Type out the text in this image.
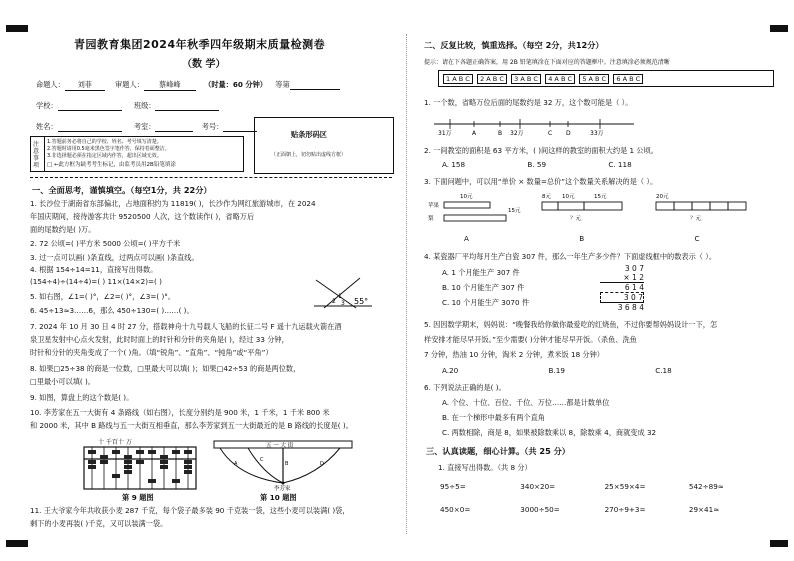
青园教育集团2024年秋季四年级期末质量检测卷
（数 学）
命题人： 刘菲	审题人： 蔡峰峰	（时量：60 分钟） 等第
学校：	班级：
姓名：	考室：	考号：
注意事项
1.答题前务必将自己的学校、姓名、考号填写清楚。
2.答题时请用0.5毫米黑色签字笔作答，保持卷面整洁。
3.非选择题必须在指定区域内作答，超出区域无效。
□ ←此方框为缺考考生标记，由监考员用2B铅笔填涂
贴条形码区
（正面朝上，切勿贴出虚线方框）
一、全面思考，谨慎填空。（每空1分，共 22分）
1. 长沙位于湖南省东部偏北，占地面积约为 11819( )，长沙作为网红旅游城市，在 2024
年国庆期间，接待游客共计 9520500 人次，这个数读作( )，省略万后
面的尾数约是( )万。
2. 72 公顷=( )平方米 5000 公顷=( )平方千米
3. 过一点可以画( )条直线，过两点可以画( )条直线。
4. 根据 154÷14=11，直接写出得数。
(154÷4)÷(14÷4)=( ) 11×(14×2)=( )
5. 如右图，∠1=( )°，∠2=( )°，∠3=( )°。
2
1
3 55°
6. 45÷13≈3……6，那么 450÷130=( )……( )。
7. 2024 年 10 月 30 日 4 时 27 分，搭载神舟十九号载人飞船的长征二号 F 遥十九运载火箭在酒
泉卫星发射中心点火发射，此时时面上的时针和分针的夹角是( )，经过 33 分钟，
时针和分针的夹角变成了一个( )角。（填“锐角”、“直角”、“钝角”或“平角”）
8. 如果□25÷38 的商是一位数，□里最大可以填( )；如果□42÷53 的商是两位数，
□里最小可以填( )。
9. 如图，算盘上的这个数是( )。
10. 李芳家在五一大街有 4 条路线（如右图），长度分别约是 900 米，1 千米，1 千米 800 米
和 2000 米，其中 B 路线与五一大街互相垂直，那么李芳家到五一大街最近的是 B 路线的长度是( )。
十 千百十 万	五 一 大 街
A	B
C
D
李芳家
第 9 题图	第 10 题图
11. 王大爷家今年共收获小麦 287 千克，每个袋子最多装 90 千克装一袋，这些小麦可以装满( )袋，
剩下的小麦再装( )千克，又可以装满一袋。
二、反复比较，慎重选择。（每空 2分，共12分）
提示：请在下各题正确答案，用 2B 铅笔填涂在下面对应的答题框中。注意填涂必须规范清晰
1 A B C 2 A B C 3 A B C 4 A B C 5 A B C 6 A B C
1. 一个数，省略万位后面的尾数约是 32 万，这个数可能是（ ）。
31万	A	B 32万	C D	33万
2. 一间教室的面积是 63 平方米，( )间这样的教室的面积大约是 1 公顷。
A. 158	B. 59	C. 118
3. 下面问题中，可以用“单价 × 数量=总价”这个数量关系解决的是（ ）。
10元
苹果
梨
15元
8元 10元	15元
？元
20元
？元
A	B	C
4. 某瓷器厂平均每月生产白瓷 307 件，那么一年生产多少件？下面虚线框中的数表示（ ）。
A. 1 个月能生产 307 件
B. 10 个月能生产 307 件
C. 10 个月能生产 3070 件
3 0 7
× 1 2
6 1 4
3 0 7
3 6 8 4
5. 因因数学期末，妈妈说：“晚餐我给你做你最爱吃的红烧鱼，不过你要帮妈妈设计一下，怎
样安排才能尽早开饭。”至少需要( )分钟才能尽早开饭。（杀鱼、洗鱼
7 分钟，热油 10 分钟，淘米 2 分钟，煮米饭 18 分钟）
A.20	B.19	C.18
6. 下列说法正确的是( )。
A. 个位、十位、百位、千位、万位……都是计数单位
B. 在一个梯形中最多有两个直角
C. 两数相除，商是 8，如果被除数乘以 8，除数乘 4，商就变成 32
三、认真读题，细心计算。（共 25 分）
1. 直接写出得数。（共 8 分）
95÷5=	340×20=	25×59×4=	542÷89≈
450×0=	3000÷50=	270÷9+3=	29×41≈
